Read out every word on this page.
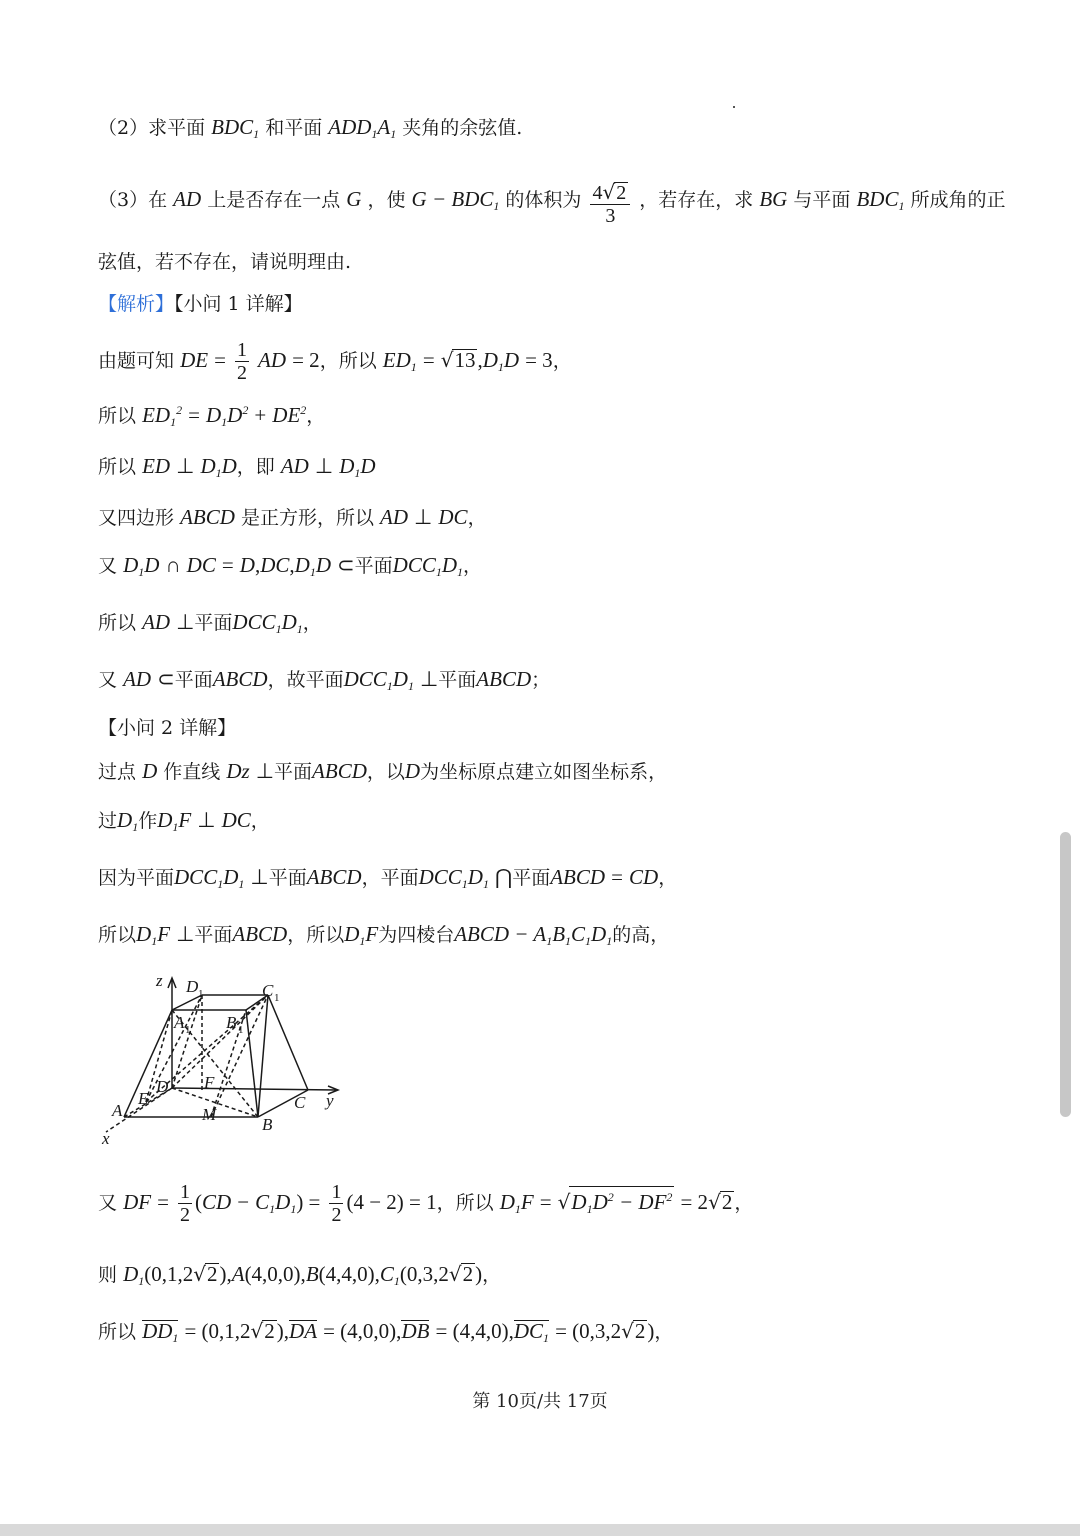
（2）求平面 $BDC_1$ 和平面 $ADD_1A_1$ 夹角的余弦值.
（3）在 AD 上是否存在一点 G ，使 $G - BDC_1$ 的体积为 $\frac{4√2}{3}$ ，若存在，求 BG 与平面 $BDC_1$ 所成角的正
弦值，若不存在，请说明理由.
【解析】【小问 1 详解】
由题可知 DE = $\frac{1}{2}$ AD = 2，所以 $ED_1 = √13,D_1D = 3$，
所以 $ED_1^2 = D_1D^2 + DE^2$，
所以 ED ⊥ $D_1D$，即 AD ⊥ $D_1D$
又四边形 ABCD 是正方形，所以 AD ⊥ DC，
又 $D_1D$ ∩ DC = $D,DC,D_1D$ ⊂平面$DCC_1D_1$，
所以 AD ⊥平面$DCC_1D_1$，
又 AD ⊂平面ABCD，故平面$DCC_1D_1$ ⊥平面ABCD；
【小问 2 详解】
过点 D 作直线 Dz ⊥平面ABCD，以D为坐标原点建立如图坐标系，
过$D_1$作$D_1F$ ⊥ DC，
因为平面$DCC_1D_1$ ⊥平面ABCD，平面$DCC_1D_1$ ⋂平面ABCD = CD，
所以$D_1F$ ⊥平面ABCD，所以$D_1F$为四棱台ABCD − $A_1B_1C_1D_1$的高，
z D 1	C 1
A 1 B 1
F
D
E
A	M
C y
B
x
又 DF = $\frac{1}{2} (CD - C_1D_1) = \frac{1}{2} (4 - 2) = 1$，所以 $D_1F = √D_1D^2 - DF^2 = 2√2$ ，
则 $D_1(0,1,2√2),A(4,0,0),B(4,4,0),C_1(0,3,2√2)$，
所以 $DD_1 = (0,1,2√2),DA = (4,0,0),DB = (4,4,0),DC_1 = (0,3,2√2)$，
第 10页/共 17页
